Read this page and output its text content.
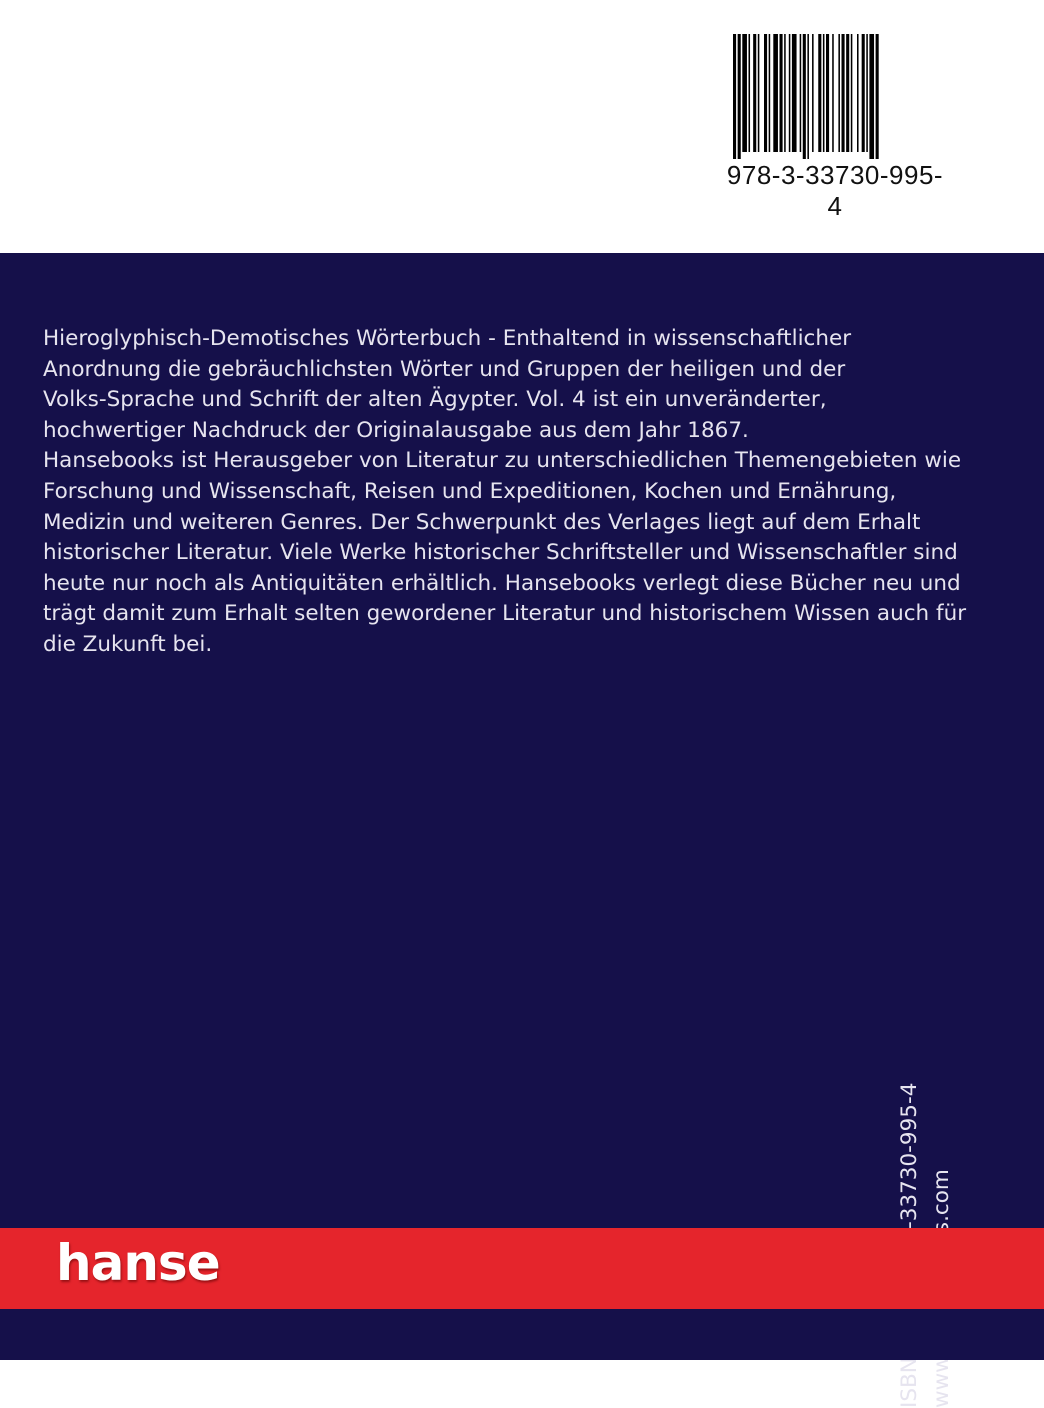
978-3-33730-995-4

Hieroglyphisch-Demotisches Wörterbuch - Enthaltend in wissenschaftlicher
Anordnung die gebräuchlichsten Wörter und Gruppen der heiligen und der
Volks-Sprache und Schrift der alten Ägypter. Vol. 4 ist ein unveränderter,
hochwertiger Nachdruck der Originalausgabe aus dem Jahr 1867.
Hansebooks ist Herausgeber von Literatur zu unterschiedlichen Themengebieten wie
Forschung und Wissenschaft, Reisen und Expeditionen, Kochen und Ernährung,
Medizin und weiteren Genres. Der Schwerpunkt des Verlages liegt auf dem Erhalt
historischer Literatur. Viele Werke historischer Schriftsteller und Wissenschaftler sind
heute nur noch als Antiquitäten erhältlich. Hansebooks verlegt diese Bücher neu und
trägt damit zum Erhalt selten gewordener Literatur und historischem Wissen auch für
die Zukunft bei.

hanse
